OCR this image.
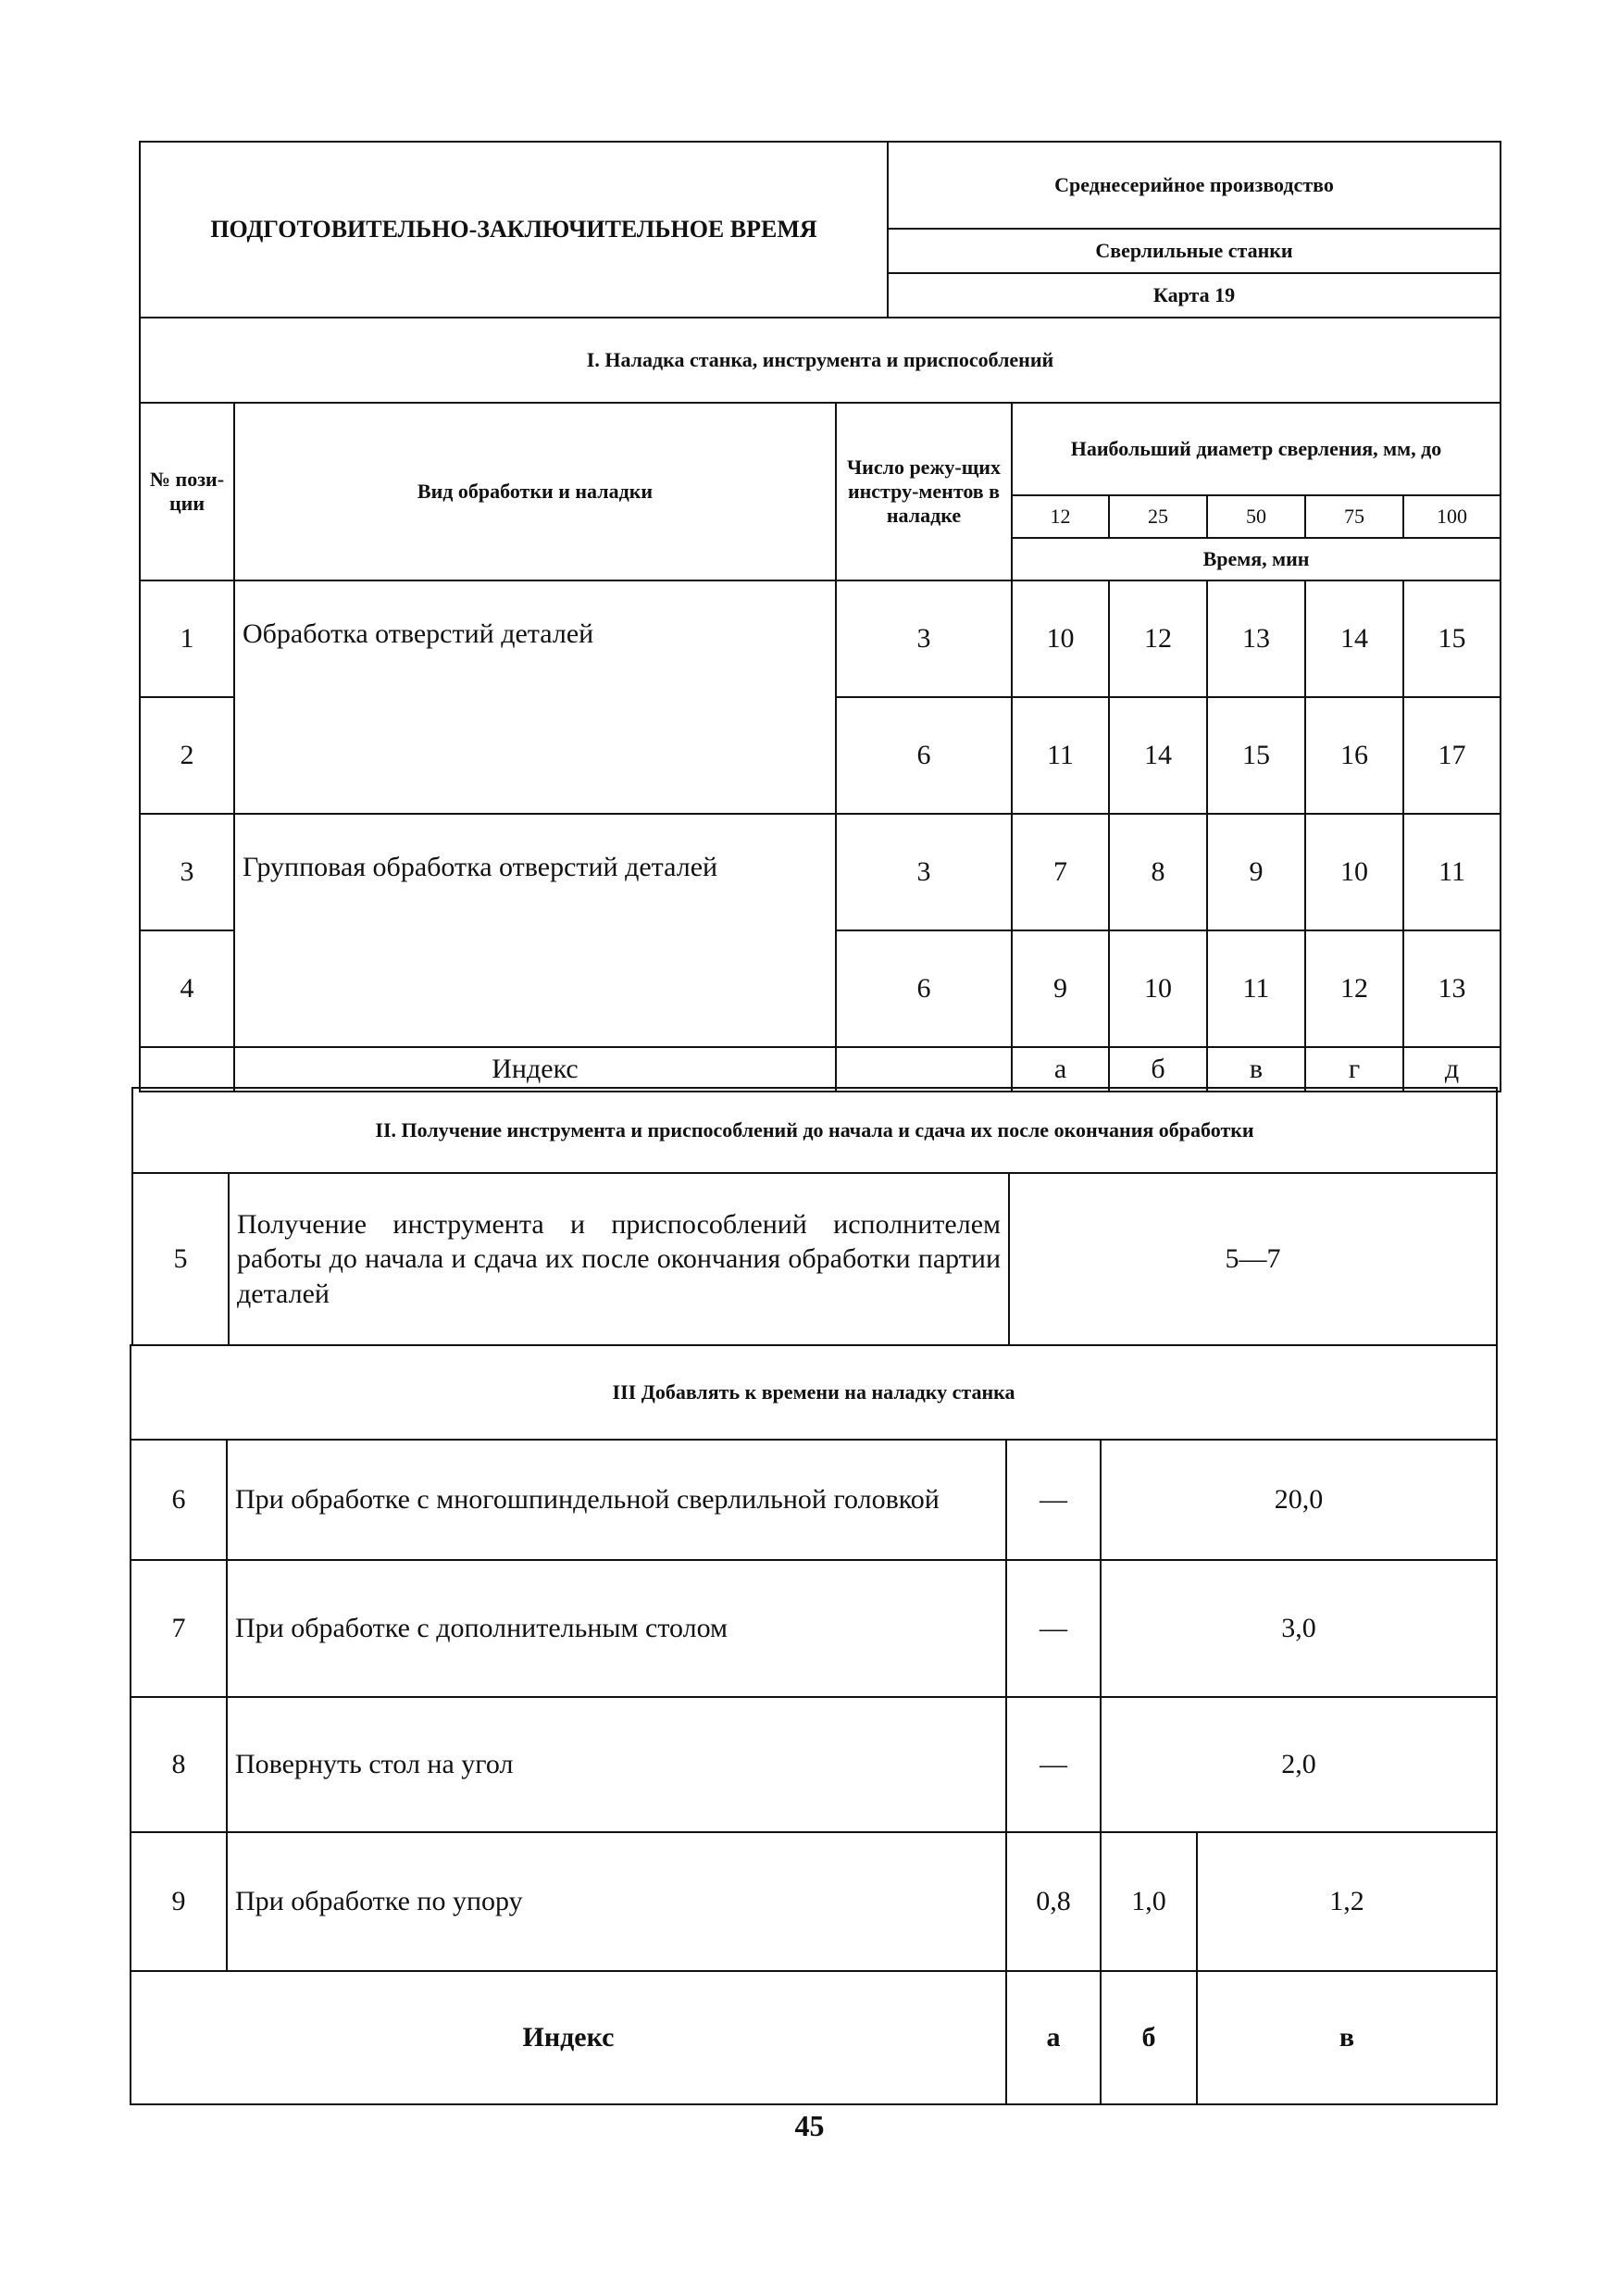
ПОДГОТОВИТЕЛЬНО-ЗАКЛЮЧИТЕЛЬНОЕ ВРЕМЯ	Среднесерийное производство
Сверлильные станки
Карта 19
I. Наладка станка, инструмента и приспособлений
№ пози-ции	Вид обработки и наладки	Число режу-щих инстру-ментов в наладке	Наибольший диаметр сверления, мм, до				
			12	25	50	75	100
			Время, мин				
1	Обработка отверстий деталей	3	10	12	13	14	15
2		6	11	14	15	16	17
3	Групповая обработка отверстий деталей	3	7	8	9	10	11
4		6	9	10	11	12	13
	Индекс		а	б	в	г	д
II. Получение инструмента и приспособлений до начала и сдача их после окончания обработки
5	Получение инструмента и приспособлений исполнителем работы до начала и сдача их после окончания обработки партии деталей	5—7
III Добавлять к времени на наладку станка				
6	При обработке с многошпиндельной сверлильной головкой	—	20,0	
7	При обработке с дополнительным столом	—	3,0	
8	Повернуть стол на угол	—	2,0	
9	При обработке по упору	0,8	1,0	1,2
Индекс		а	б	в
45
